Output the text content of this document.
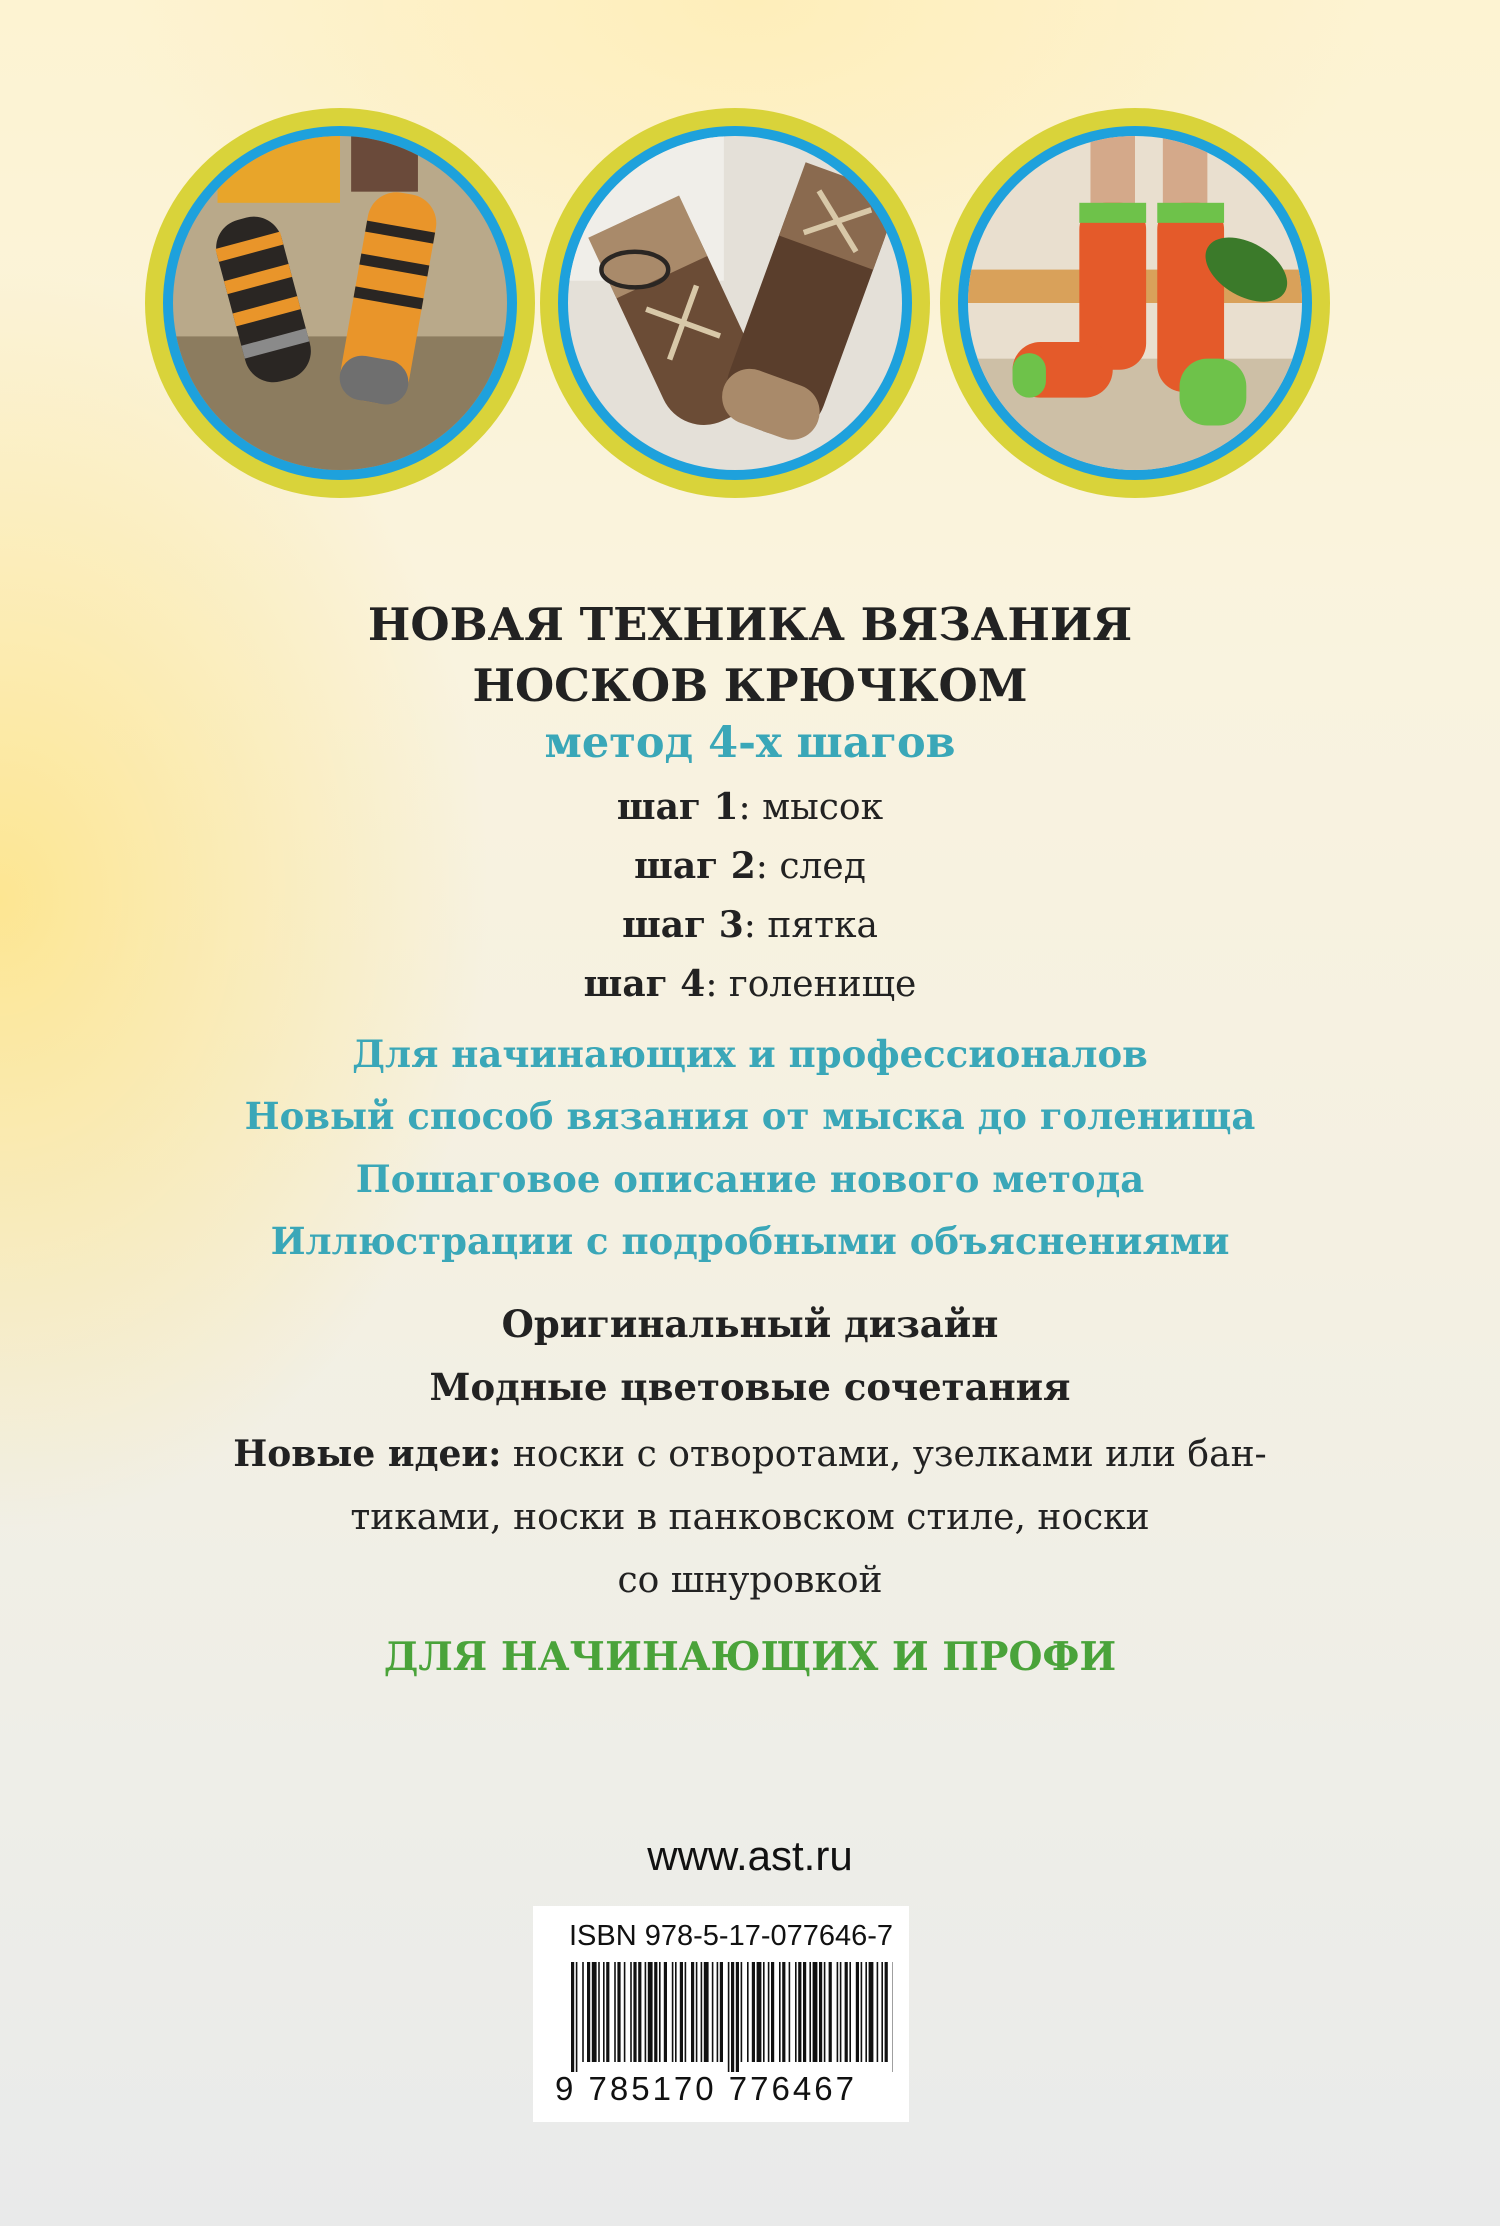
НОВАЯ ТЕХНИКА ВЯЗАНИЯ
НОСКОВ КРЮЧКОМ
метод 4-х шагов
шаг 1: мысок
шаг 2: след
шаг 3: пятка
шаг 4: голенище
Для начинающих и профессионалов
Новый способ вязания от мыска до голенища
Пошаговое описание нового метода
Иллюстрации с подробными объяснениями
Оригинальный дизайн
Модные цветовые сочетания
Новые идеи: носки с отворотами, узелками или бан-
тиками, носки в панковском стиле, носки
со шнуровкой
ДЛЯ НАЧИНАЮЩИХ И ПРОФИ
www.ast.ru
ISBN 978-5-17-077646-7
9 785170 776467
